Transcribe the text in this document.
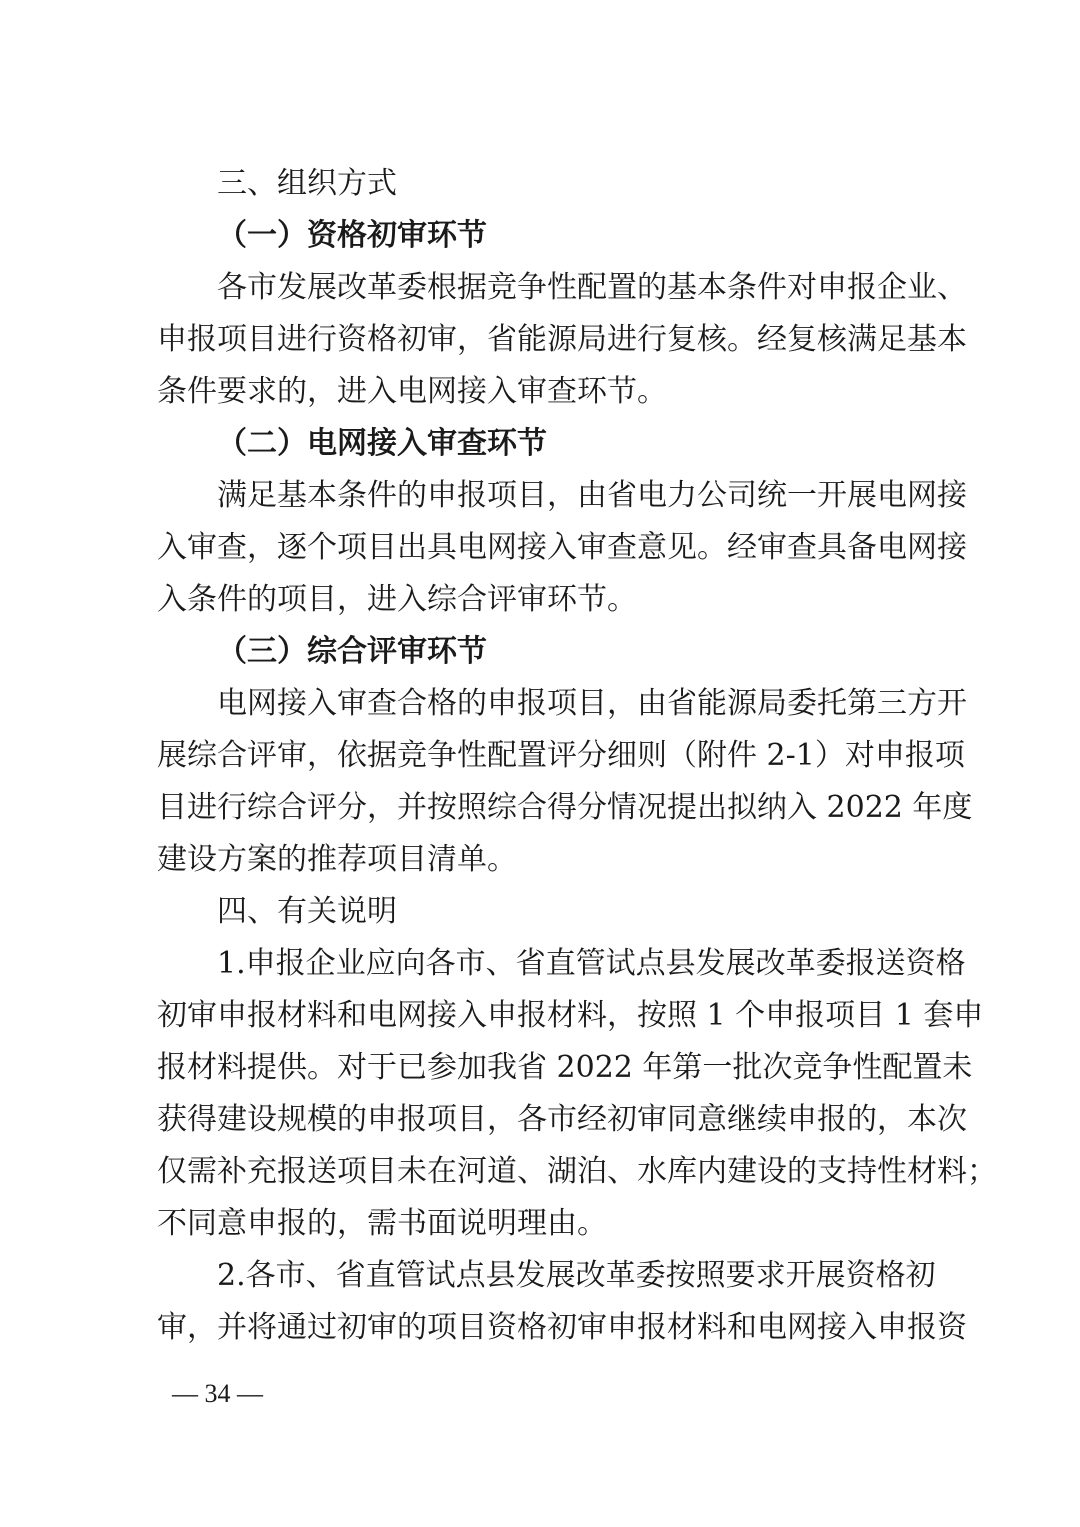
三、组织方式
（一）资格初审环节
各市发展改革委根据竞争性配置的基本条件对申报企业、
申报项目进行资格初审，省能源局进行复核。经复核满足基本
条件要求的，进入电网接入审查环节。
（二）电网接入审查环节
满足基本条件的申报项目，由省电力公司统一开展电网接
入审查，逐个项目出具电网接入审查意见。经审查具备电网接
入条件的项目，进入综合评审环节。
（三）综合评审环节
电网接入审查合格的申报项目，由省能源局委托第三方开
展综合评审，依据竞争性配置评分细则（附件 2-1）对申报项
目进行综合评分，并按照综合得分情况提出拟纳入 2022 年度
建设方案的推荐项目清单。
四、有关说明
1.申报企业应向各市、省直管试点县发展改革委报送资格
初审申报材料和电网接入申报材料，按照 1 个申报项目 1 套申
报材料提供。对于已参加我省 2022 年第一批次竞争性配置未
获得建设规模的申报项目，各市经初审同意继续申报的，本次
仅需补充报送项目未在河道、湖泊、水库内建设的支持性材料；
不同意申报的，需书面说明理由。
2.各市、省直管试点县发展改革委按照要求开展资格初
审，并将通过初审的项目资格初审申报材料和电网接入申报资
— 34 —
